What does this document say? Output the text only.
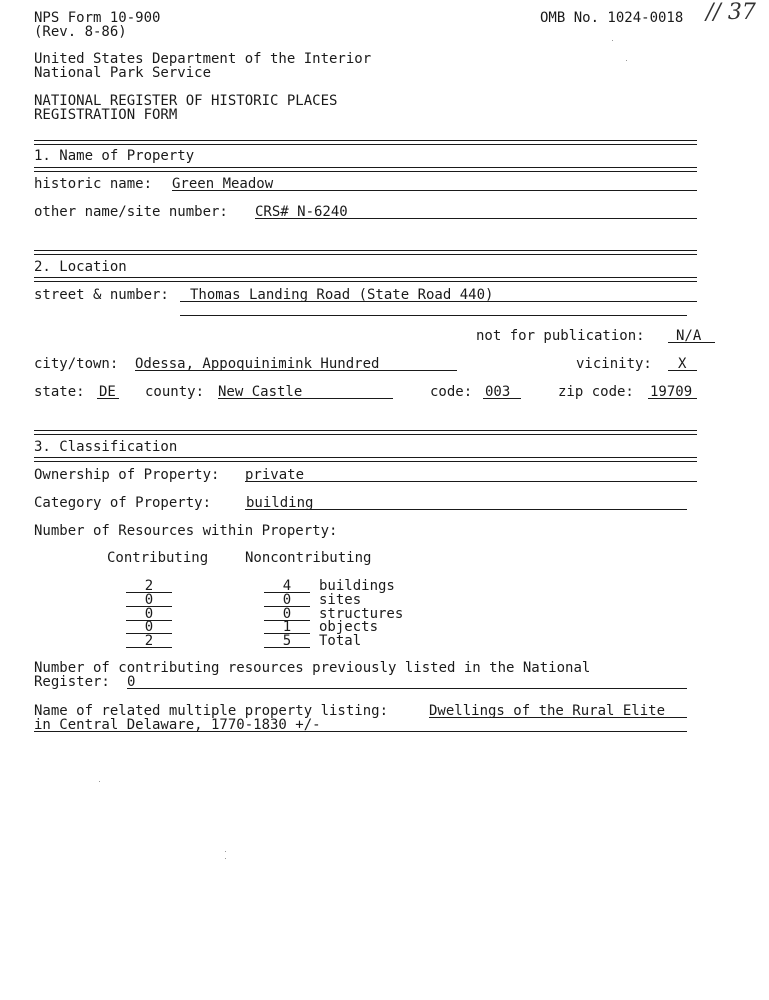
NPS Form 10-900
(Rev. 8-86)
OMB No. 1024-0018 // 37
United States Department of the Interior
National Park Service
NATIONAL REGISTER OF HISTORIC PLACES
REGISTRATION FORM
1. Name of Property
historic name: Green Meadow
other name/site number: CRS# N-6240
2. Location
street & number: Thomas Landing Road (State Road 440)
not for publication: N/A
city/town: Odessa, Appoquinimink Hundred	vicinity: X
state: DE county: New Castle	code: 003	zip code: 19709
3. Classification
Ownership of Property: private
Category of Property: building
Number of Resources within Property:
Contributing	Noncontributing
2	4	buildings
0	0	sites
0	0	structures
0	1	objects
2	5	Total
Number of contributing resources previously listed in the National
Register: 0
Name of related multiple property listing:	Dwellings of the Rural Elite
in Central Delaware, 1770-1830 +/-
